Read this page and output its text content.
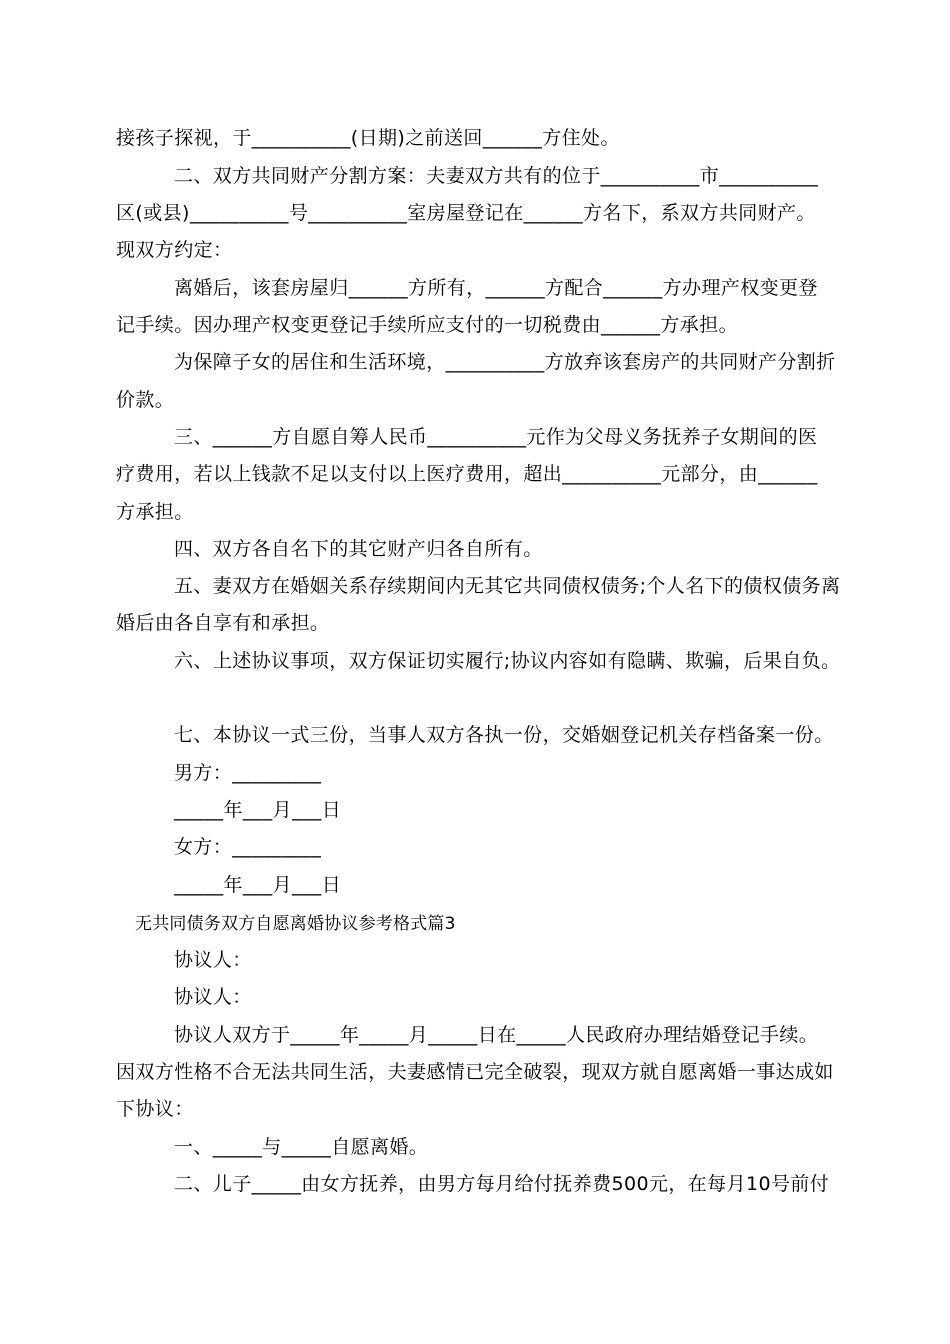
接孩子探视，于__________(日期)之前送回______方住处。
二、双方共同财产分割方案：夫妻双方共有的位于__________市__________
区(或县)__________号__________室房屋登记在______方名下，系双方共同财产。
现双方约定：
离婚后，该套房屋归______方所有，______方配合______方办理产权变更登
记手续。因办理产权变更登记手续所应支付的一切税费由______方承担。
为保障子女的居住和生活环境，__________方放弃该套房产的共同财产分割折
价款。
三、______方自愿自筹人民币__________元作为父母义务抚养子女期间的医
疗费用，若以上钱款不足以支付以上医疗费用，超出__________元部分，由______
方承担。
四、双方各自名下的其它财产归各自所有。
五、妻双方在婚姻关系存续期间内无其它共同债权债务;个人名下的债权债务离
婚后由各自享有和承担。
六、上述协议事项，双方保证切实履行;协议内容如有隐瞒、欺骗，后果自负。
七、本协议一式三份，当事人双方各执一份，交婚姻登记机关存档备案一份。
男方：_________
_____年___月___日
女方：_________
_____年___月___日
无共同债务双方自愿离婚协议参考格式篇3
协议人：
协议人：
协议人双方于_____年_____月_____日在_____人民政府办理结婚登记手续。
因双方性格不合无法共同生活，夫妻感情已完全破裂，现双方就自愿离婚一事达成如
下协议：
一、_____与_____自愿离婚。
二、儿子_____由女方抚养，由男方每月给付抚养费500元，在每月10号前付
